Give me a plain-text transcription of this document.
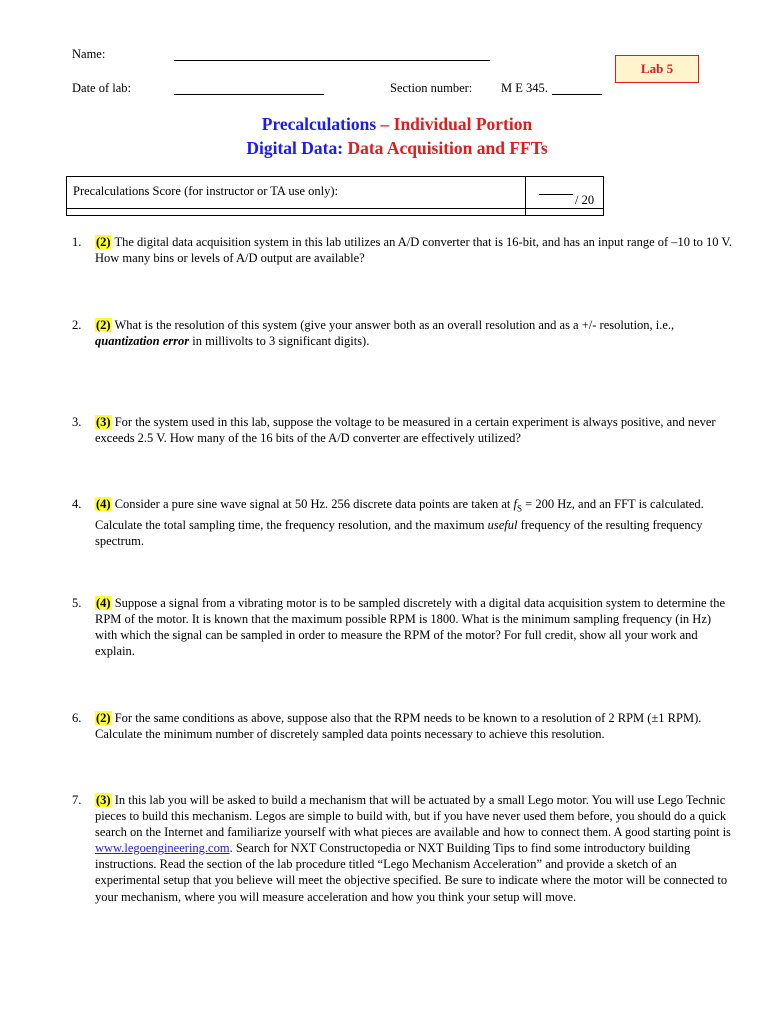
Name:
Date of lab:	Section number: M E 345.
Lab 5
Precalculations – Individual Portion
Digital Data: Data Acquisition and FFTs
Precalculations Score (for instructor or TA use only):
/ 20
1. (2) The digital data acquisition system in this lab utilizes an A/D converter that is 16-bit, and has an input range of –10 to 10 V. How many bins or levels of A/D output are available?
2. (2) What is the resolution of this system (give your answer both as an overall resolution and as a +/- resolution, i.e., quantization error in millivolts to 3 significant digits).
3. (3) For the system used in this lab, suppose the voltage to be measured in a certain experiment is always positive, and never exceeds 2.5 V. How many of the 16 bits of the A/D converter are effectively utilized?
4. (4) Consider a pure sine wave signal at 50 Hz. 256 discrete data points are taken at $f_S = 200$ Hz, and an FFT is calculated. Calculate the total sampling time, the frequency resolution, and the maximum useful frequency of the resulting frequency spectrum.
5. (4) Suppose a signal from a vibrating motor is to be sampled discretely with a digital data acquisition system to determine the RPM of the motor. It is known that the maximum possible RPM is 1800. What is the minimum sampling frequency (in Hz) with which the signal can be sampled in order to measure the RPM of the motor? For full credit, show all your work and explain.
6. (2) For the same conditions as above, suppose also that the RPM needs to be known to a resolution of 2 RPM (±1 RPM). Calculate the minimum number of discretely sampled data points necessary to achieve this resolution.
7. (3) In this lab you will be asked to build a mechanism that will be actuated by a small Lego motor. You will use Lego Technic pieces to build this mechanism. Legos are simple to build with, but if you have never used them before, you should do a quick search on the Internet and familiarize yourself with what pieces are available and how to connect them. A good starting point is www.legoengineering.com. Search for NXT Constructopedia or NXT Building Tips to find some introductory building instructions. Read the section of the lab procedure titled “Lego Mechanism Acceleration” and provide a sketch of an experimental setup that you believe will meet the objective specified. Be sure to indicate where the motor will be connected to your mechanism, where you will measure acceleration and how you think your setup will move.
